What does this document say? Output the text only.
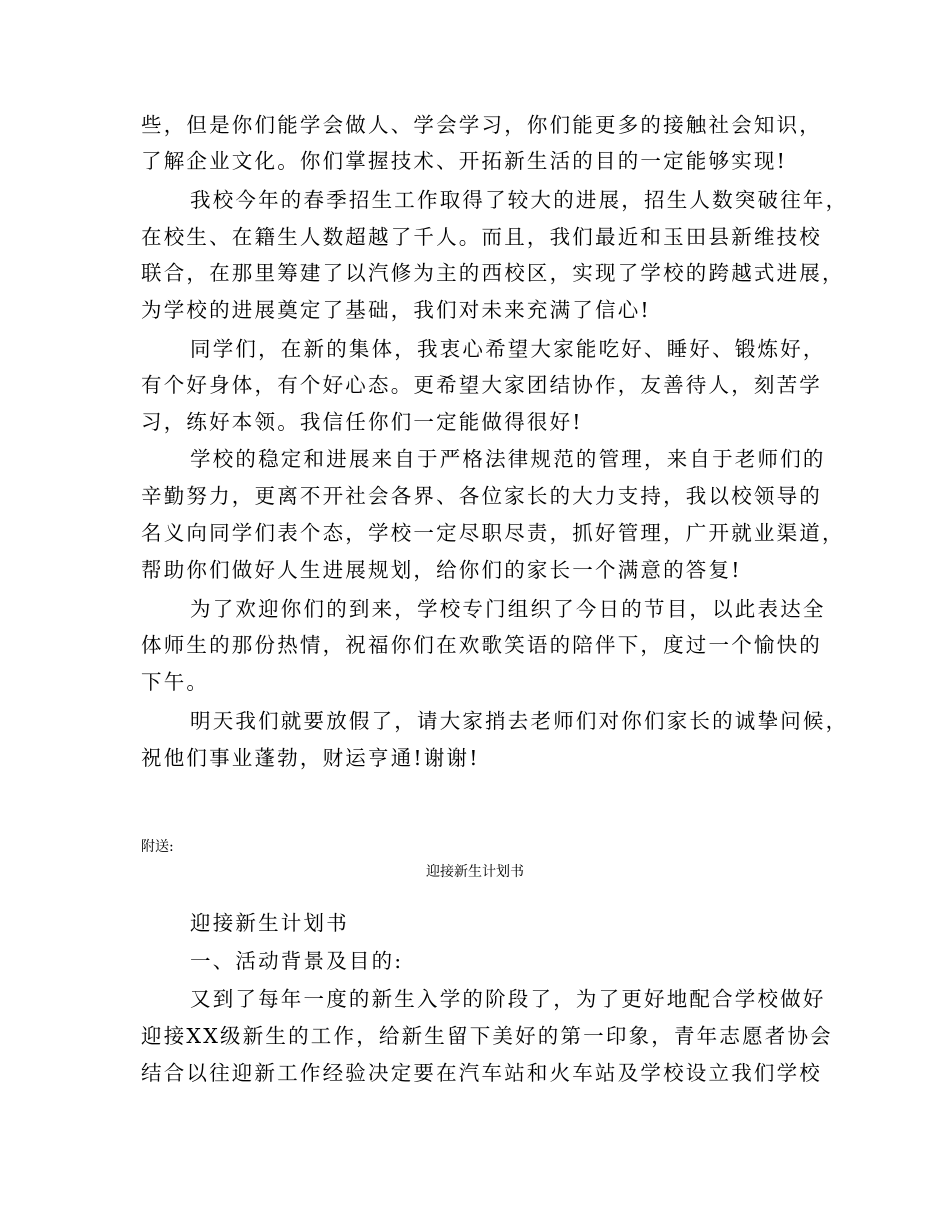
些，但是你们能学会做人、学会学习，你们能更多的接触社会知识，
了解企业文化。你们掌握技术、开拓新生活的目的一定能够实现!
我校今年的春季招生工作取得了较大的进展，招生人数突破往年，
在校生、在籍生人数超越了千人。而且，我们最近和玉田县新维技校
联合，在那里筹建了以汽修为主的西校区，实现了学校的跨越式进展，
为学校的进展奠定了基础，我们对未来充满了信心!
同学们，在新的集体，我衷心希望大家能吃好、睡好、锻炼好，
有个好身体，有个好心态。更希望大家团结协作，友善待人，刻苦学
习，练好本领。我信任你们一定能做得很好!
学校的稳定和进展来自于严格法律规范的管理，来自于老师们的
辛勤努力，更离不开社会各界、各位家长的大力支持，我以校领导的
名义向同学们表个态，学校一定尽职尽责，抓好管理，广开就业渠道，
帮助你们做好人生进展规划，给你们的家长一个满意的答复!
为了欢迎你们的到来，学校专门组织了今日的节目，以此表达全
体师生的那份热情，祝福你们在欢歌笑语的陪伴下，度过一个愉快的
下午。
明天我们就要放假了，请大家捎去老师们对你们家长的诚挚问候，
祝他们事业蓬勃，财运亨通!谢谢!
附送:
迎接新生计划书
迎接新生计划书
一、活动背景及目的:
又到了每年一度的新生入学的阶段了，为了更好地配合学校做好
迎接XX级新生的工作，给新生留下美好的第一印象，青年志愿者协会
结合以往迎新工作经验决定要在汽车站和火车站及学校设立我们学校
